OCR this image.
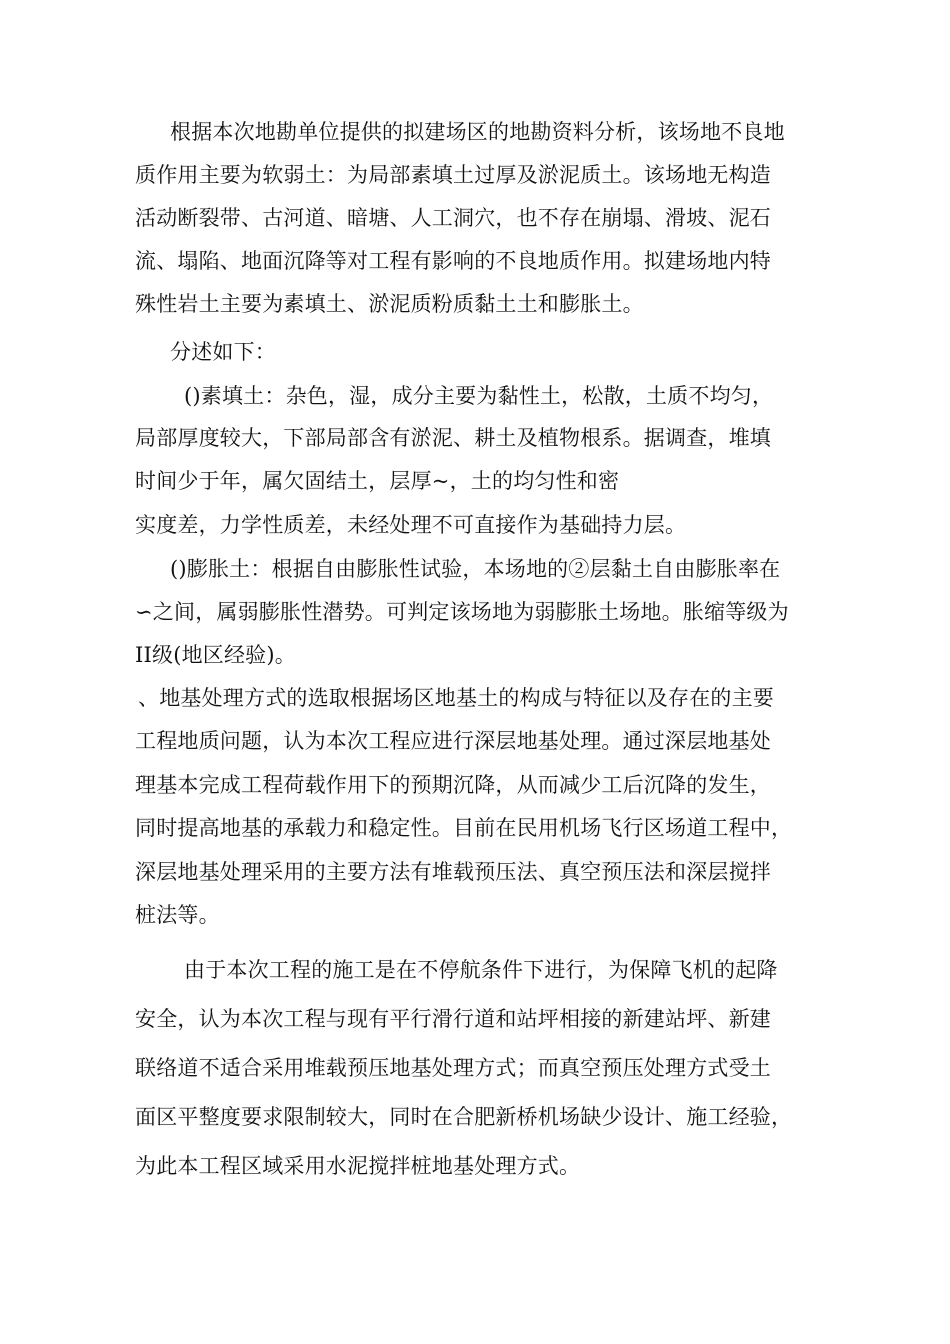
根据本次地勘单位提供的拟建场区的地勘资料分析，该场地不良地
质作用主要为软弱土：为局部素填土过厚及淤泥质土。该场地无构造
活动断裂带、古河道、暗塘、人工洞穴，也不存在崩塌、滑坡、泥石
流、塌陷、地面沉降等对工程有影响的不良地质作用。拟建场地内特
殊性岩土主要为素填土、淤泥质粉质黏土土和膨胀土。
分述如下：
()素填土：杂色，湿，成分主要为黏性土，松散，土质不均匀，
局部厚度较大，下部局部含有淤泥、耕土及植物根系。据调查，堆填
时间少于年，属欠固结土，层厚~，土的均匀性和密
实度差，力学性质差，未经处理不可直接作为基础持力层。
()膨胀土：根据自由膨胀性试验，本场地的②层黏土自由膨胀率在
∽之间，属弱膨胀性潜势。可判定该场地为弱膨胀土场地。胀缩等级为
II级(地区经验)。
、地基处理方式的选取根据场区地基土的构成与特征以及存在的主要
工程地质问题，认为本次工程应进行深层地基处理。通过深层地基处
理基本完成工程荷载作用下的预期沉降，从而减少工后沉降的发生，
同时提高地基的承载力和稳定性。目前在民用机场飞行区场道工程中，
深层地基处理采用的主要方法有堆载预压法、真空预压法和深层搅拌
桩法等。
由于本次工程的施工是在不停航条件下进行，为保障飞机的起降
安全，认为本次工程与现有平行滑行道和站坪相接的新建站坪、新建
联络道不适合采用堆载预压地基处理方式；而真空预压处理方式受土
面区平整度要求限制较大，同时在合肥新桥机场缺少设计、施工经验，
为此本工程区域采用水泥搅拌桩地基处理方式。
